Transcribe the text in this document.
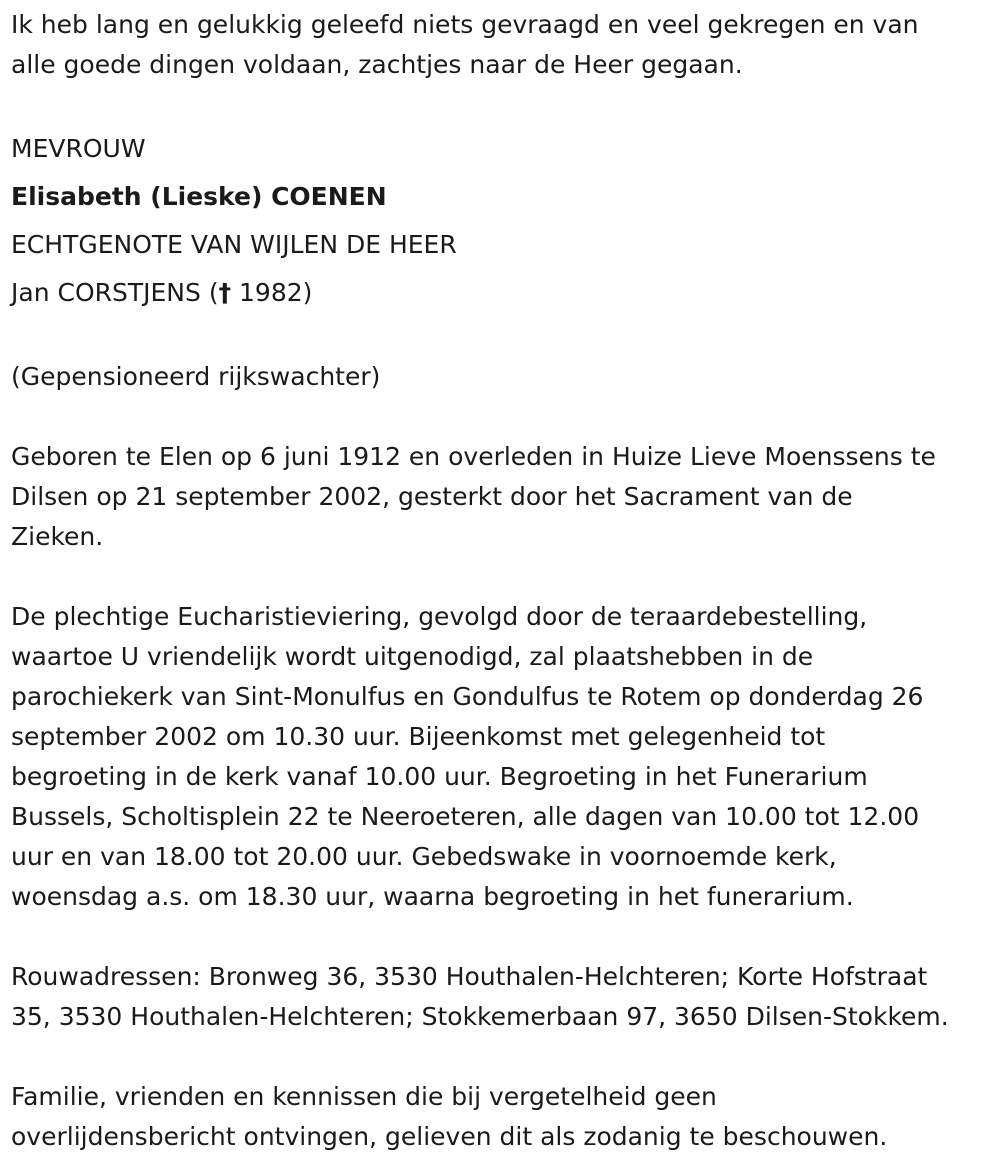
Ik heb lang en gelukkig geleefd niets gevraagd en veel gekregen en van

alle goede dingen voldaan, zachtjes naar de Heer gegaan.

MEVROUW

Elisabeth (Lieske) COENEN

ECHTGENOTE VAN WIJLEN DE HEER

Jan CORSTJENS († 1982)

(Gepensioneerd rijkswachter)

Geboren te Elen op 6 juni 1912 en overleden in Huize Lieve Moenssens te

Dilsen op 21 september 2002, gesterkt door het Sacrament van de

Zieken.

De plechtige Eucharistieviering, gevolgd door de teraardebestelling,

waartoe U vriendelijk wordt uitgenodigd, zal plaatshebben in de

parochiekerk van Sint-Monulfus en Gondulfus te Rotem op donderdag 26

september 2002 om 10.30 uur. Bijeenkomst met gelegenheid tot

begroeting in de kerk vanaf 10.00 uur. Begroeting in het Funerarium

Bussels, Scholtisplein 22 te Neeroeteren, alle dagen van 10.00 tot 12.00

uur en van 18.00 tot 20.00 uur. Gebedswake in voornoemde kerk,

woensdag a.s. om 18.30 uur, waarna begroeting in het funerarium.

Rouwadressen: Bronweg 36, 3530 Houthalen-Helchteren; Korte Hofstraat

35, 3530 Houthalen-Helchteren; Stokkemerbaan 97, 3650 Dilsen-Stokkem.

Familie, vrienden en kennissen die bij vergetelheid geen

overlijdensbericht ontvingen, gelieven dit als zodanig te beschouwen.
